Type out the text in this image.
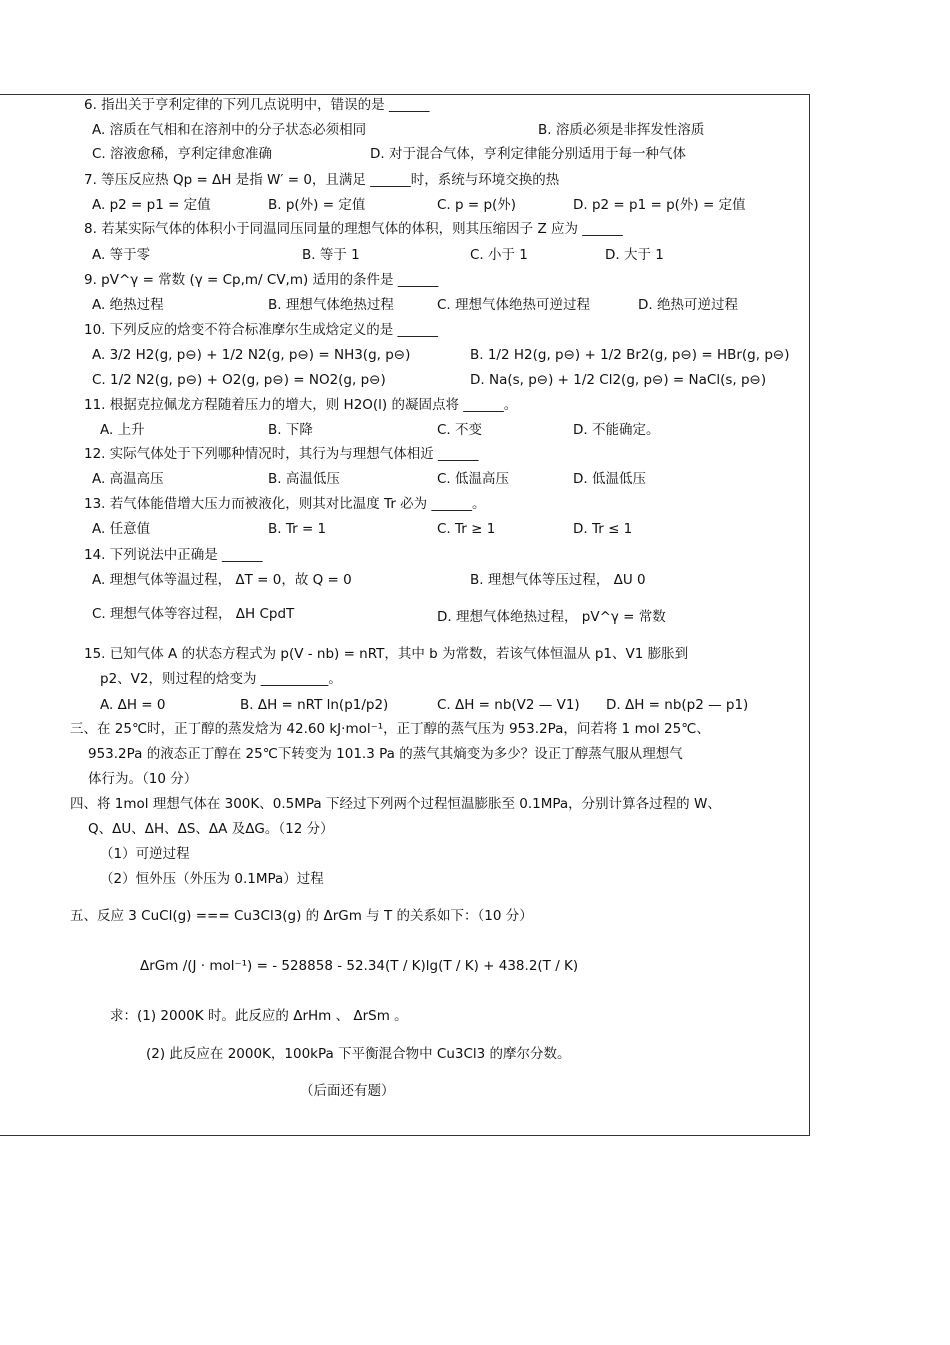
6. 指出关于亨利定律的下列几点说明中，错误的是 ______
A. 溶质在气相和在溶剂中的分子状态必须相同	B. 溶质必须是非挥发性溶质
C. 溶液愈稀，亨利定律愈准确	D. 对于混合气体，亨利定律能分别适用于每一种气体
7. 等压反应热 Qp = ΔH 是指 W′ = 0，且满足 ______时，系统与环境交换的热
A. p2 = p1 = 定值	B. p(外) = 定值	C. p = p(外)	D. p2 = p1 = p(外) = 定值
8. 若某实际气体的体积小于同温同压同量的理想气体的体积，则其压缩因子 Z 应为 ______
A. 等于零	B. 等于 1	C. 小于 1	D. 大于 1
9. pV^γ = 常数 (γ = Cp,m/ CV,m) 适用的条件是 ______
A. 绝热过程	B. 理想气体绝热过程	C. 理想气体绝热可逆过程	D. 绝热可逆过程
10. 下列反应的焓变不符合标准摩尔生成焓定义的是 ______
A. 3/2 H2(g, p⊖) + 1/2 N2(g, p⊖) = NH3(g, p⊖)	B. 1/2 H2(g, p⊖) + 1/2 Br2(g, p⊖) = HBr(g, p⊖)
C. 1/2 N2(g, p⊖) + O2(g, p⊖) = NO2(g, p⊖)	D. Na(s, p⊖) + 1/2 Cl2(g, p⊖) = NaCl(s, p⊖)
11. 根据克拉佩龙方程随着压力的增大，则 H2O(l) 的凝固点将 ______。
A. 上升	B. 下降	C. 不变	D. 不能确定。
12. 实际气体处于下列哪种情况时，其行为与理想气体相近 ______
A. 高温高压	B. 高温低压	C. 低温高压	D. 低温低压
13. 若气体能借增大压力而被液化，则其对比温度 Tr 必为 ______。
A. 任意值	B. Tr = 1	C. Tr ≥ 1	D. Tr ≤ 1
14. 下列说法中正确是 ______
A. 理想气体等温过程， ΔT = 0，故 Q = 0	B. 理想气体等压过程， ΔU 0
C. 理想气体等容过程， ΔH CpdT	D. 理想气体绝热过程， pV^γ = 常数
15. 已知气体 A 的状态方程式为 p(V - nb) = nRT，其中 b 为常数，若该气体恒温从 p1、V1 膨胀到
p2、V2，则过程的焓变为 __________。
A. ΔH = 0	B. ΔH = nRT ln(p1/p2)	C. ΔH = nb(V2 — V1) D. ΔH = nb(p2 — p1)
三、在 25℃时，正丁醇的蒸发焓为 42.60 kJ·mol⁻¹，正丁醇的蒸气压为 953.2Pa，问若将 1 mol 25℃、
953.2Pa 的液态正丁醇在 25℃下转变为 101.3 Pa 的蒸气其熵变为多少？设正丁醇蒸气服从理想气
体行为。（10 分）
四、将 1mol 理想气体在 300K、0.5MPa 下经过下列两个过程恒温膨胀至 0.1MPa，分别计算各过程的 W、
Q、ΔU、ΔH、ΔS、ΔA 及ΔG。（12 分）
（1）可逆过程
（2）恒外压（外压为 0.1MPa）过程
五、反应 3 CuCl(g) === Cu3Cl3(g) 的 ΔrGm 与 T 的关系如下：（10 分）
ΔrGm /(J · mol⁻¹) = - 528858 - 52.34(T / K)lg(T / K) + 438.2(T / K)
求：(1) 2000K 时。此反应的 ΔrHm 、 ΔrSm 。
(2) 此反应在 2000K，100kPa 下平衡混合物中 Cu3Cl3 的摩尔分数。
（后面还有题）
